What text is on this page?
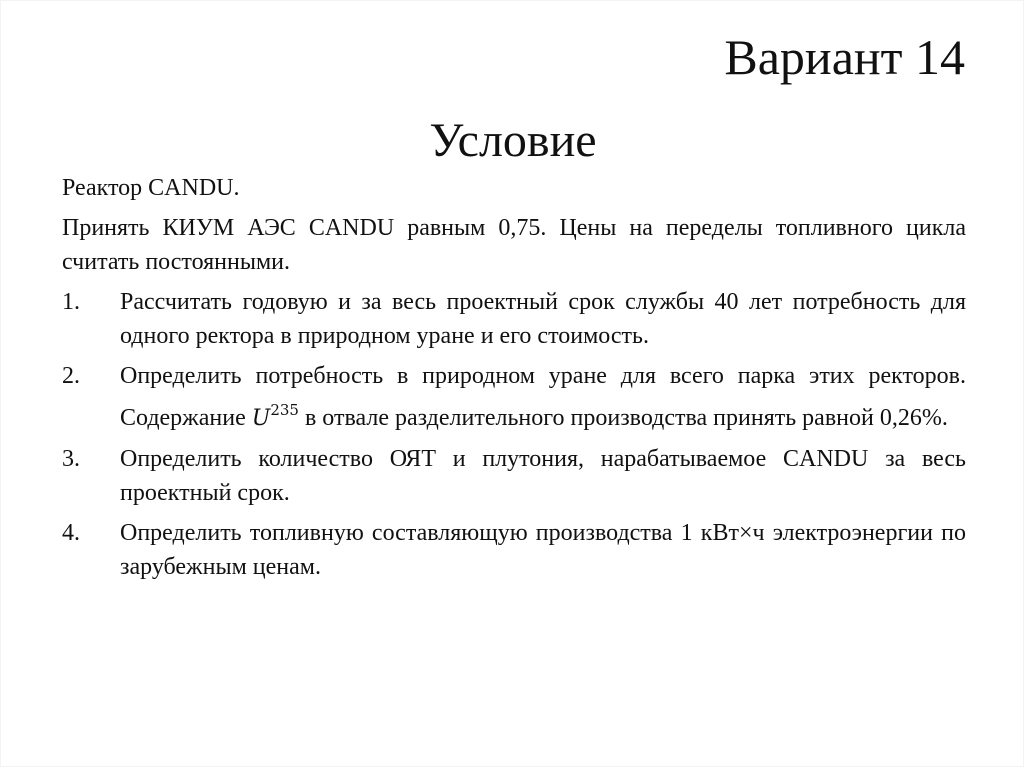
Вариант 14
Условие

Реактор CANDU.

Принять КИУМ АЭС CANDU равным 0,75. Цены на переделы топливного цикла считать постоянными.

1. Рассчитать годовую и за весь проектный срок службы 40 лет потребность для одного ректора в природном уране и его стоимость.
2. Определить потребность в природном уране для всего парка этих ректоров. Содержание $U^{235}$ в отвале разделительного производства принять равной 0,26%.
3. Определить количество ОЯТ и плутония, нарабатываемое CANDU за весь проектный срок.
4. Определить топливную составляющую производства 1 кВт×ч электроэнергии по зарубежным ценам.
